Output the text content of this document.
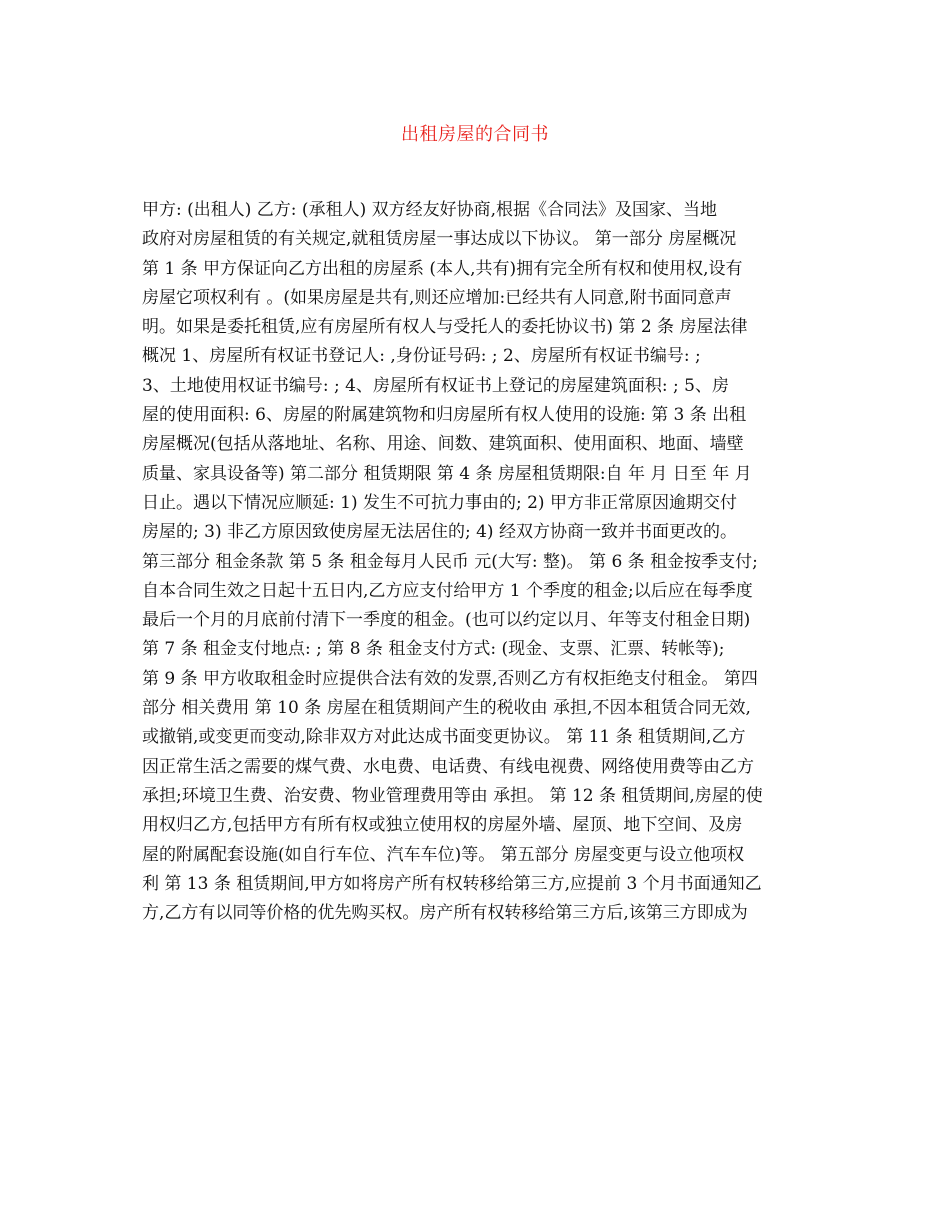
出租房屋的合同书
甲方: (出租人) 乙方: (承租人) 双方经友好协商,根据《合同法》及国家、当地
政府对房屋租赁的有关规定,就租赁房屋一事达成以下协议。 第一部分 房屋概况
第 1 条 甲方保证向乙方出租的房屋系 (本人,共有)拥有完全所有权和使用权,设有
房屋它项权利有 。(如果房屋是共有,则还应增加:已经共有人同意,附书面同意声
明。如果是委托租赁,应有房屋所有权人与受托人的委托协议书) 第 2 条 房屋法律
概况 1、房屋所有权证书登记人: ,身份证号码: ; 2、房屋所有权证书编号: ;
3、土地使用权证书编号: ; 4、房屋所有权证书上登记的房屋建筑面积: ; 5、房
屋的使用面积: 6、房屋的附属建筑物和归房屋所有权人使用的设施: 第 3 条 出租
房屋概况(包括从落地址、名称、用途、间数、建筑面积、使用面积、地面、墙壁
质量、家具设备等) 第二部分 租赁期限 第 4 条 房屋租赁期限:自 年 月 日至 年 月
日止。遇以下情况应顺延: 1) 发生不可抗力事由的; 2) 甲方非正常原因逾期交付
房屋的; 3) 非乙方原因致使房屋无法居住的; 4) 经双方协商一致并书面更改的。
第三部分 租金条款 第 5 条 租金每月人民币 元(大写: 整)。 第 6 条 租金按季支付;
自本合同生效之日起十五日内,乙方应支付给甲方 1 个季度的租金;以后应在每季度
最后一个月的月底前付清下一季度的租金。(也可以约定以月、年等支付租金日期)
第 7 条 租金支付地点: ; 第 8 条 租金支付方式: (现金、支票、汇票、转帐等);
第 9 条 甲方收取租金时应提供合法有效的发票,否则乙方有权拒绝支付租金。 第四
部分 相关费用 第 10 条 房屋在租赁期间产生的税收由 承担,不因本租赁合同无效,
或撤销,或变更而变动,除非双方对此达成书面变更协议。 第 11 条 租赁期间,乙方
因正常生活之需要的煤气费、水电费、电话费、有线电视费、网络使用费等由乙方
承担;环境卫生费、治安费、物业管理费用等由 承担。 第 12 条 租赁期间,房屋的使
用权归乙方,包括甲方有所有权或独立使用权的房屋外墙、屋顶、地下空间、及房
屋的附属配套设施(如自行车位、汽车车位)等。 第五部分 房屋变更与设立他项权
利 第 13 条 租赁期间,甲方如将房产所有权转移给第三方,应提前 3 个月书面通知乙
方,乙方有以同等价格的优先购买权。房产所有权转移给第三方后,该第三方即成为
